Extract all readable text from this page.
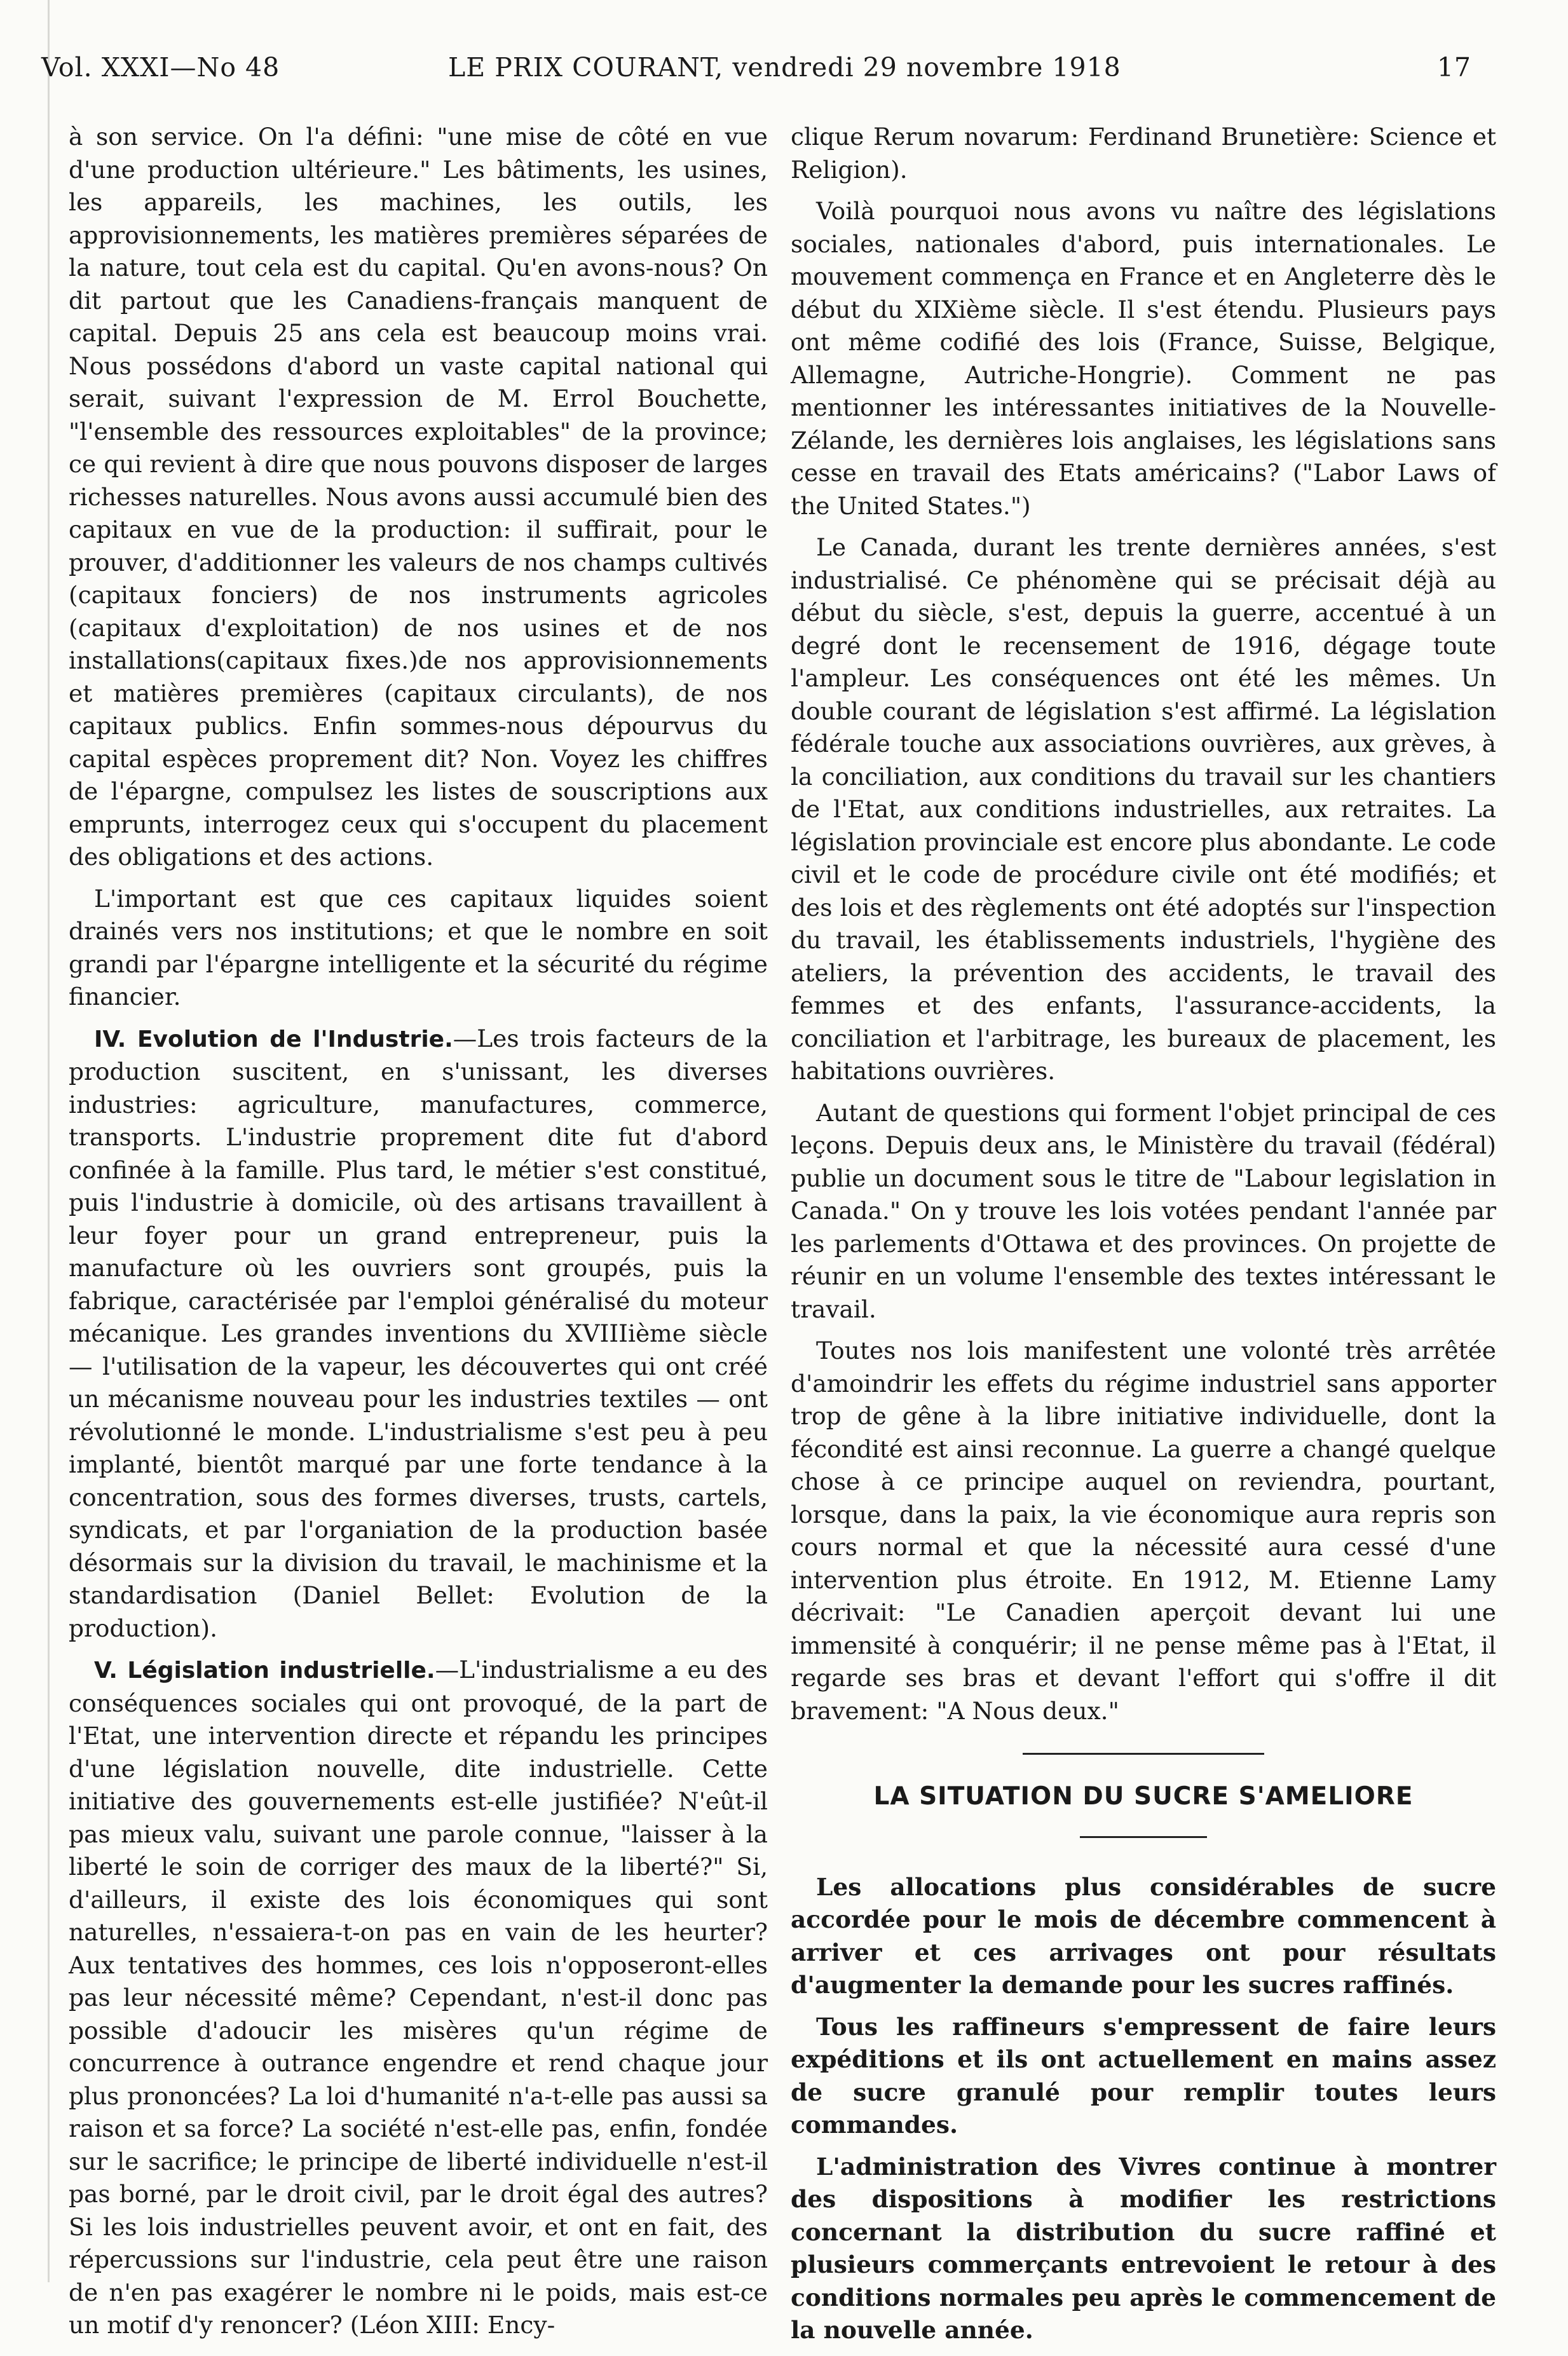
Vol. XXXI—No 48	LE PRIX COURANT, vendredi 29 novembre 1918	17

à son service. On l'a défini: "une mise de côté en vue d'une production ultérieure." Les bâtiments, les usines, les appareils, les machines, les outils, les approvisionnements, les matières premières séparées de la nature, tout cela est du capital. Qu'en avons-nous? On dit partout que les Canadiens-français manquent de capital. Depuis 25 ans cela est beaucoup moins vrai. Nous possédons d'abord un vaste capital national qui serait, suivant l'expression de M. Errol Bouchette, "l'ensemble des ressources exploitables" de la province; ce qui revient à dire que nous pouvons disposer de larges richesses naturelles. Nous avons aussi accumulé bien des capitaux en vue de la production: il suffirait, pour le prouver, d'additionner les valeurs de nos champs cultivés (capitaux fonciers) de nos instruments agricoles (capitaux d'exploitation) de nos usines et de nos installations(capitaux fixes.)de nos approvisionnements et matières premières (capitaux circulants), de nos capitaux publics. Enfin sommes-nous dépourvus du capital espèces proprement dit? Non. Voyez les chiffres de l'épargne, compulsez les listes de souscriptions aux emprunts, interrogez ceux qui s'occupent du placement des obligations et des actions.

L'important est que ces capitaux liquides soient drainés vers nos institutions; et que le nombre en soit grandi par l'épargne intelligente et la sécurité du régime financier.

IV. Evolution de l'Industrie.—Les trois facteurs de la production suscitent, en s'unissant, les diverses industries: agriculture, manufactures, commerce, transports. L'industrie proprement dite fut d'abord confinée à la famille. Plus tard, le métier s'est constitué, puis l'industrie à domicile, où des artisans travaillent à leur foyer pour un grand entrepreneur, puis la manufacture où les ouvriers sont groupés, puis la fabrique, caractérisée par l'emploi généralisé du moteur mécanique. Les grandes inventions du XVIIIième siècle — l'utilisation de la vapeur, les découvertes qui ont créé un mécanisme nouveau pour les industries textiles — ont révolutionné le monde. L'industrialisme s'est peu à peu implanté, bientôt marqué par une forte tendance à la concentration, sous des formes diverses, trusts, cartels, syndicats, et par l'organiation de la production basée désormais sur la division du travail, le machinisme et la standardisation (Daniel Bellet: Evolution de la production).

V. Législation industrielle.—L'industrialisme a eu des conséquences sociales qui ont provoqué, de la part de l'Etat, une intervention directe et répandu les principes d'une législation nouvelle, dite industrielle. Cette initiative des gouvernements est-elle justifiée? N'eût-il pas mieux valu, suivant une parole connue, "laisser à la liberté le soin de corriger des maux de la liberté?" Si, d'ailleurs, il existe des lois économiques qui sont naturelles, n'essaiera-t-on pas en vain de les heurter? Aux tentatives des hommes, ces lois n'opposeront-elles pas leur nécessité même? Cependant, n'est-il donc pas possible d'adoucir les misères qu'un régime de concurrence à outrance engendre et rend chaque jour plus prononcées? La loi d'humanité n'a-t-elle pas aussi sa raison et sa force? La société n'est-elle pas, enfin, fondée sur le sacrifice; le principe de liberté individuelle n'est-il pas borné, par le droit civil, par le droit égal des autres? Si les lois industrielles peuvent avoir, et ont en fait, des répercussions sur l'industrie, cela peut être une raison de n'en pas exagérer le nombre ni le poids, mais est-ce un motif d'y renoncer? (Léon XIII: Ency-

clique Rerum novarum: Ferdinand Brunetière: Science et Religion).

Voilà pourquoi nous avons vu naître des législations sociales, nationales d'abord, puis internationales. Le mouvement commença en France et en Angleterre dès le début du XIXième siècle. Il s'est étendu. Plusieurs pays ont même codifié des lois (France, Suisse, Belgique, Allemagne, Autriche-Hongrie). Comment ne pas mentionner les intéressantes initiatives de la Nouvelle-Zélande, les dernières lois anglaises, les législations sans cesse en travail des Etats américains? ("Labor Laws of the United States.")

Le Canada, durant les trente dernières années, s'est industrialisé. Ce phénomène qui se précisait déjà au début du siècle, s'est, depuis la guerre, accentué à un degré dont le recensement de 1916, dégage toute l'ampleur. Les conséquences ont été les mêmes. Un double courant de législation s'est affirmé. La législation fédérale touche aux associations ouvrières, aux grèves, à la conciliation, aux conditions du travail sur les chantiers de l'Etat, aux conditions industrielles, aux retraites. La législation provinciale est encore plus abondante. Le code civil et le code de procédure civile ont été modifiés; et des lois et des règlements ont été adoptés sur l'inspection du travail, les établissements industriels, l'hygiène des ateliers, la prévention des accidents, le travail des femmes et des enfants, l'assurance-accidents, la conciliation et l'arbitrage, les bureaux de placement, les habitations ouvrières.

Autant de questions qui forment l'objet principal de ces leçons. Depuis deux ans, le Ministère du travail (fédéral) publie un document sous le titre de "Labour legislation in Canada." On y trouve les lois votées pendant l'année par les parlements d'Ottawa et des provinces. On projette de réunir en un volume l'ensemble des textes intéressant le travail.

Toutes nos lois manifestent une volonté très arrêtée d'amoindrir les effets du régime industriel sans apporter trop de gêne à la libre initiative individuelle, dont la fécondité est ainsi reconnue. La guerre a changé quelque chose à ce principe auquel on reviendra, pourtant, lorsque, dans la paix, la vie économique aura repris son cours normal et que la nécessité aura cessé d'une intervention plus étroite. En 1912, M. Etienne Lamy décrivait: "Le Canadien aperçoit devant lui une immensité à conquérir; il ne pense même pas à l'Etat, il regarde ses bras et devant l'effort qui s'offre il dit bravement: "A Nous deux."

LA SITUATION DU SUCRE S'AMELIORE

Les allocations plus considérables de sucre accordée pour le mois de décembre commencent à arriver et ces arrivages ont pour résultats d'augmenter la demande pour les sucres raffinés.

Tous les raffineurs s'empressent de faire leurs expéditions et ils ont actuellement en mains assez de sucre granulé pour remplir toutes leurs commandes.

L'administration des Vivres continue à montrer des dispositions à modifier les restrictions concernant la distribution du sucre raffiné et plusieurs commerçants entrevoient le retour à des conditions normales peu après le commencement de la nouvelle année.
